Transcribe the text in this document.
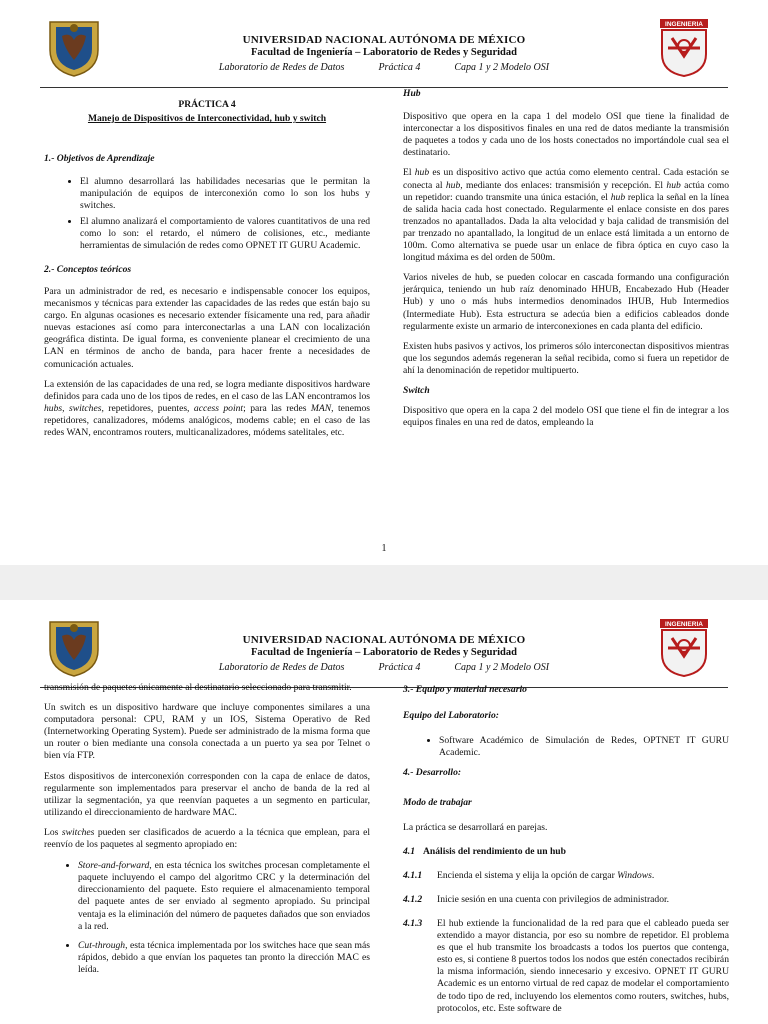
INGENIERIA
UNIVERSIDAD NACIONAL AUTÓNOMA DE MÉXICO
Facultad de Ingeniería – Laboratorio de Redes y Seguridad
Laboratorio de Redes de Datos	Práctica 4	Capa 1 y 2 Modelo OSI

PRÁCTICA 4

Manejo de Dispositivos de Interconectividad, hub y switch

1.- Objetivos de Aprendizaje

• El alumno desarrollará las habilidades necesarias que le permitan la manipulación de equipos de interconexión como lo son los hubs y switches.
• El alumno analizará el comportamiento de valores cuantitativos de una red como lo son: el retardo, el número de colisiones, etc., mediante herramientas de simulación de redes como OPNET IT GURU Academic.

2.- Conceptos teóricos

Para un administrador de red, es necesario e indispensable conocer los equipos, mecanismos y técnicas para extender las capacidades de las redes que están bajo su cargo. En algunas ocasiones es necesario extender físicamente una red, para añadir nuevas estaciones así como para interconectarlas a una LAN con localización geográfica distinta. De igual forma, es conveniente planear el crecimiento de una LAN en términos de ancho de banda, para hacer frente a necesidades de comunicación actuales.

La extensión de las capacidades de una red, se logra mediante dispositivos hardware definidos para cada uno de los tipos de redes, en el caso de las LAN encontramos los hubs, switches, repetidores, puentes, access point; para las redes MAN, tenemos repetidores, canalizadores, módems analógicos, modems cable; en el caso de las redes WAN, encontramos routers, multicanalizadores, módems satelitales, etc.

Hub

Dispositivo que opera en la capa 1 del modelo OSI que tiene la finalidad de interconectar a los dispositivos finales en una red de datos mediante la transmisión de paquetes a todos y cada uno de los hosts conectados no importándole cual sea el destinatario.

El hub es un dispositivo activo que actúa como elemento central. Cada estación se conecta al hub, mediante dos enlaces: transmisión y recepción. El hub actúa como un repetidor: cuando transmite una única estación, el hub replica la señal en la línea de salida hacia cada host conectado. Regularmente el enlace consiste en dos pares trenzados no apantallados. Dada la alta velocidad y baja calidad de transmisión del par trenzado no apantallado, la longitud de un enlace está limitada a un entorno de 100m. Como alternativa se puede usar un enlace de fibra óptica en cuyo caso la longitud máxima es del orden de 500m.

Varios niveles de hub, se pueden colocar en cascada formando una configuración jerárquica, teniendo un hub raíz denominado HHUB, Encabezado Hub (Header Hub) y uno o más hubs intermedios denominados IHUB, Hub Intermedios (Intermediate Hub). Esta estructura se adecúa bien a edificios cableados donde regularmente existe un armario de interconexiones en cada planta del edificio.

Existen hubs pasivos y activos, los primeros sólo interconectan dispositivos mientras que los segundos además regeneran la señal recibida, como si fuera un repetidor de ahí la denominación de repetidor multipuerto.

Switch

Dispositivo que opera en la capa 2 del modelo OSI que tiene el fin de integrar a los equipos finales en una red de datos, empleando la

1
INGENIERIA
UNIVERSIDAD NACIONAL AUTÓNOMA DE MÉXICO
Facultad de Ingeniería – Laboratorio de Redes y Seguridad
Laboratorio de Redes de Datos	Práctica 4	Capa 1 y 2 Modelo OSI

transmisión de paquetes únicamente al destinatario seleccionado para transmitir.

Un switch es un dispositivo hardware que incluye componentes similares a una computadora personal: CPU, RAM y un IOS, Sistema Operativo de Red (Internetworking Operating System). Puede ser administrado de la misma forma que un router o bien mediante una consola conectada a un puerto ya sea por Telnet o bien vía FTP.

Estos dispositivos de interconexión corresponden con la capa de enlace de datos, regularmente son implementados para preservar el ancho de banda de la red al utilizar la segmentación, ya que reenvían paquetes a un segmento en particular, utilizando el direccionamiento de hardware MAC.

Los switches pueden ser clasificados de acuerdo a la técnica que emplean, para el reenvío de los paquetes al segmento apropiado en:

• Store-and-forward, en esta técnica los switches procesan completamente el paquete incluyendo el campo del algoritmo CRC y la determinación del direccionamiento del paquete. Esto requiere el almacenamiento temporal del paquete antes de ser enviado al segmento apropiado. Su principal ventaja es la eliminación del número de paquetes dañados que son enviados a la red.
• Cut-through, esta técnica implementada por los switches hace que sean más rápidos, debido a que envían los paquetes tan pronto la dirección MAC es leída.

3.- Equipo y material necesario

Equipo del Laboratorio:

• Software Académico de Simulación de Redes, OPTNET IT GURU Academic.

4.- Desarrollo:

Modo de trabajar

La práctica se desarrollará en parejas.

4.1 Análisis del rendimiento de un hub
4.1.1	Encienda el sistema y elija la opción de cargar Windows.
4.1.2	Inicie sesión en una cuenta con privilegios de administrador.
4.1.3	El hub extiende la funcionalidad de la red para que el cableado pueda ser extendido a mayor distancia, por eso su nombre de repetidor. El problema es que el hub transmite los broadcasts a todos los puertos que contenga, esto es, si contiene 8 puertos todos los nodos que estén conectados recibirán la misma información, siendo innecesario y excesivo. OPNET IT GURU Academic es un entorno virtual de red capaz de modelar el comportamiento de todo tipo de red, incluyendo los elementos como routers, switches, hubs, protocolos, etc. Este software de
